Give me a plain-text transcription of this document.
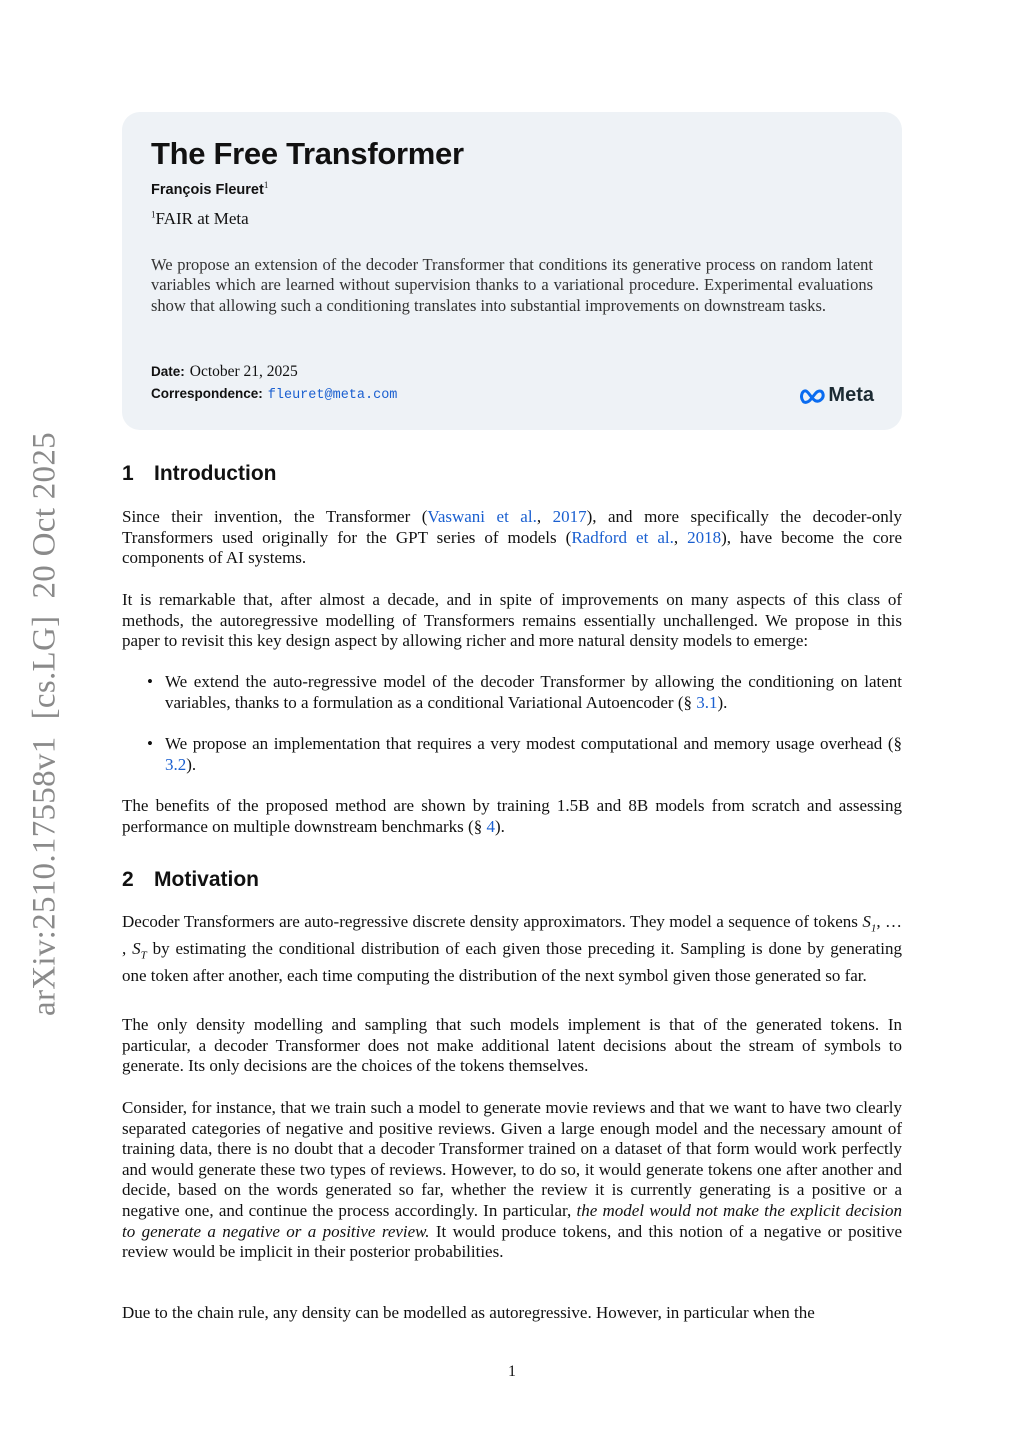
arXiv:2510.17558v1  [cs.LG]  20 Oct 2025
The Free Transformer
François Fleuret$^1$
$^1$FAIR at Meta
We propose an extension of the decoder Transformer that conditions its generative process on random latent variables which are learned without supervision thanks to a variational procedure. Experimental evaluations show that allowing such a conditioning translates into substantial improvements on downstream tasks.
Date: October 21, 2025
Correspondence: fleuret@meta.com	Meta
1 Introduction

Since their invention, the Transformer (Vaswani et al., 2017), and more specifically the decoder-only Transformers used originally for the GPT series of models (Radford et al., 2018), have become the core components of AI systems.

It is remarkable that, after almost a decade, and in spite of improvements on many aspects of this class of methods, the autoregressive modelling of Transformers remains essentially unchallenged. We propose in this paper to revisit this key design aspect by allowing richer and more natural density models to emerge:

• We extend the auto-regressive model of the decoder Transformer by allowing the conditioning on latent variables, thanks to a formulation as a conditional Variational Autoencoder (§ 3.1).
• We propose an implementation that requires a very modest computational and memory usage overhead (§ 3.2).

The benefits of the proposed method are shown by training 1.5B and 8B models from scratch and assessing performance on multiple downstream benchmarks (§ 4).

2 Motivation

Decoder Transformers are auto-regressive discrete density approximators. They model a sequence of tokens $S_1$, … , $S_T$ by estimating the conditional distribution of each given those preceding it. Sampling is done by generating one token after another, each time computing the distribution of the next symbol given those generated so far.

The only density modelling and sampling that such models implement is that of the generated tokens. In particular, a decoder Transformer does not make additional latent decisions about the stream of symbols to generate. Its only decisions are the choices of the tokens themselves.

Consider, for instance, that we train such a model to generate movie reviews and that we want to have two clearly separated categories of negative and positive reviews. Given a large enough model and the necessary amount of training data, there is no doubt that a decoder Transformer trained on a dataset of that form would work perfectly and would generate these two types of reviews. However, to do so, it would generate tokens one after another and decide, based on the words generated so far, whether the review it is currently generating is a positive or a negative one, and continue the process accordingly. In particular, the model would not make the explicit decision to generate a negative or a positive review. It would produce tokens, and this notion of a negative or positive review would be implicit in their posterior probabilities.

Due to the chain rule, any density can be modelled as autoregressive. However, in particular when the

1
